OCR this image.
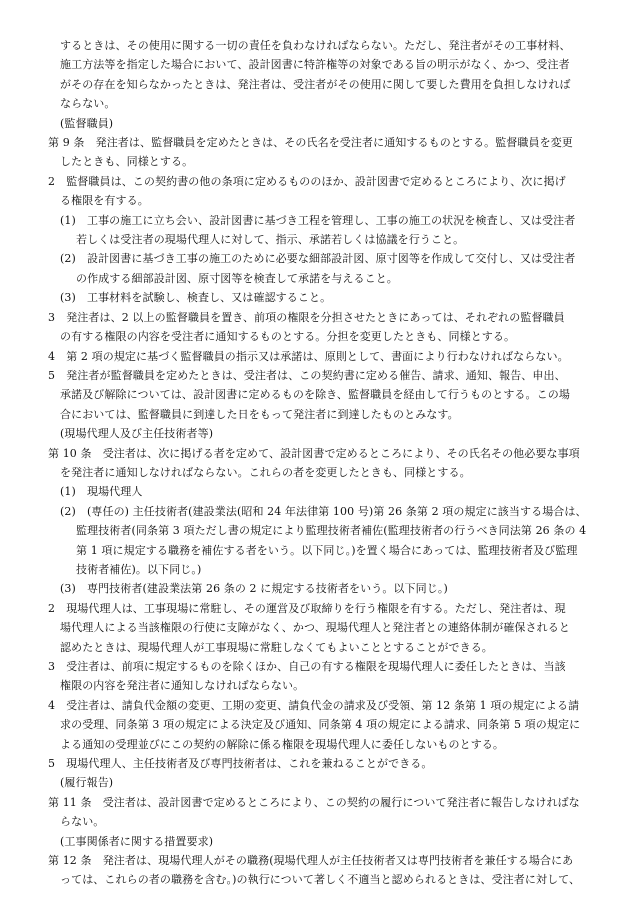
するときは、その使用に関する一切の責任を負わなければならない。ただし、発注者がその工事材料、
施工方法等を指定した場合において、設計図書に特許権等の対象である旨の明示がなく、かつ、受注者
がその存在を知らなかったときは、発注者は、受注者がその使用に関して要した費用を負担しなければ
ならない。
(監督職員)
第 9 条　発注者は、監督職員を定めたときは、その氏名を受注者に通知するものとする。監督職員を変更
したときも、同様とする。
2　監督職員は、この契約書の他の条項に定めるもののほか、設計図書で定めるところにより、次に掲げ
る権限を有する。
(1)　工事の施工に立ち会い、設計図書に基づき工程を管理し、工事の施工の状況を検査し、又は受注者
若しくは受注者の現場代理人に対して、指示、承諾若しくは協議を行うこと。
(2)　設計図書に基づき工事の施工のために必要な細部設計図、原寸図等を作成して交付し、又は受注者
の作成する細部設計図、原寸図等を検査して承諾を与えること。
(3)　工事材料を試験し、検査し、又は確認すること。
3　発注者は、2 以上の監督職員を置き、前項の権限を分担させたときにあっては、それぞれの監督職員
の有する権限の内容を受注者に通知するものとする。分担を変更したときも、同様とする。
4　第 2 項の規定に基づく監督職員の指示又は承諾は、原則として、書面により行わなければならない。
5　発注者が監督職員を定めたときは、受注者は、この契約書に定める催告、請求、通知、報告、申出、
承諾及び解除については、設計図書に定めるものを除き、監督職員を経由して行うものとする。この場
合においては、監督職員に到達した日をもって発注者に到達したものとみなす。
(現場代理人及び主任技術者等)
第 10 条　受注者は、次に掲げる者を定めて、設計図書で定めるところにより、その氏名その他必要な事項
を発注者に通知しなければならない。これらの者を変更したときも、同様とする。
(1)　現場代理人
(2)　(専任の) 主任技術者(建設業法(昭和 24 年法律第 100 号)第 26 条第 2 項の規定に該当する場合は、
監理技術者(同条第 3 項ただし書の規定により監理技術者補佐(監理技術者の行うべき同法第 26 条の 4
第 1 項に規定する職務を補佐する者をいう。以下同じ。)を置く場合にあっては、監理技術者及び監理
技術者補佐)。以下同じ。)
(3)　専門技術者(建設業法第 26 条の 2 に規定する技術者をいう。以下同じ。)
2　現場代理人は、工事現場に常駐し、その運営及び取締りを行う権限を有する。ただし、発注者は、現
場代理人による当該権限の行使に支障がなく、かつ、現場代理人と発注者との連絡体制が確保されると
認めたときは、現場代理人が工事現場に常駐しなくてもよいこととすることができる。
3　受注者は、前項に規定するものを除くほか、自己の有する権限を現場代理人に委任したときは、当該
権限の内容を発注者に通知しなければならない。
4　受注者は、請負代金額の変更、工期の変更、請負代金の請求及び受領、第 12 条第 1 項の規定による請
求の受理、同条第 3 項の規定による決定及び通知、同条第 4 項の規定による請求、同条第 5 項の規定に
よる通知の受理並びにこの契約の解除に係る権限を現場代理人に委任しないものとする。
5　現場代理人、主任技術者及び専門技術者は、これを兼ねることができる。
(履行報告)
第 11 条　受注者は、設計図書で定めるところにより、この契約の履行について発注者に報告しなければな
らない。
(工事関係者に関する措置要求)
第 12 条　発注者は、現場代理人がその職務(現場代理人が主任技術者又は専門技術者を兼任する場合にあ
っては、これらの者の職務を含む。)の執行について著しく不適当と認められるときは、受注者に対して、
